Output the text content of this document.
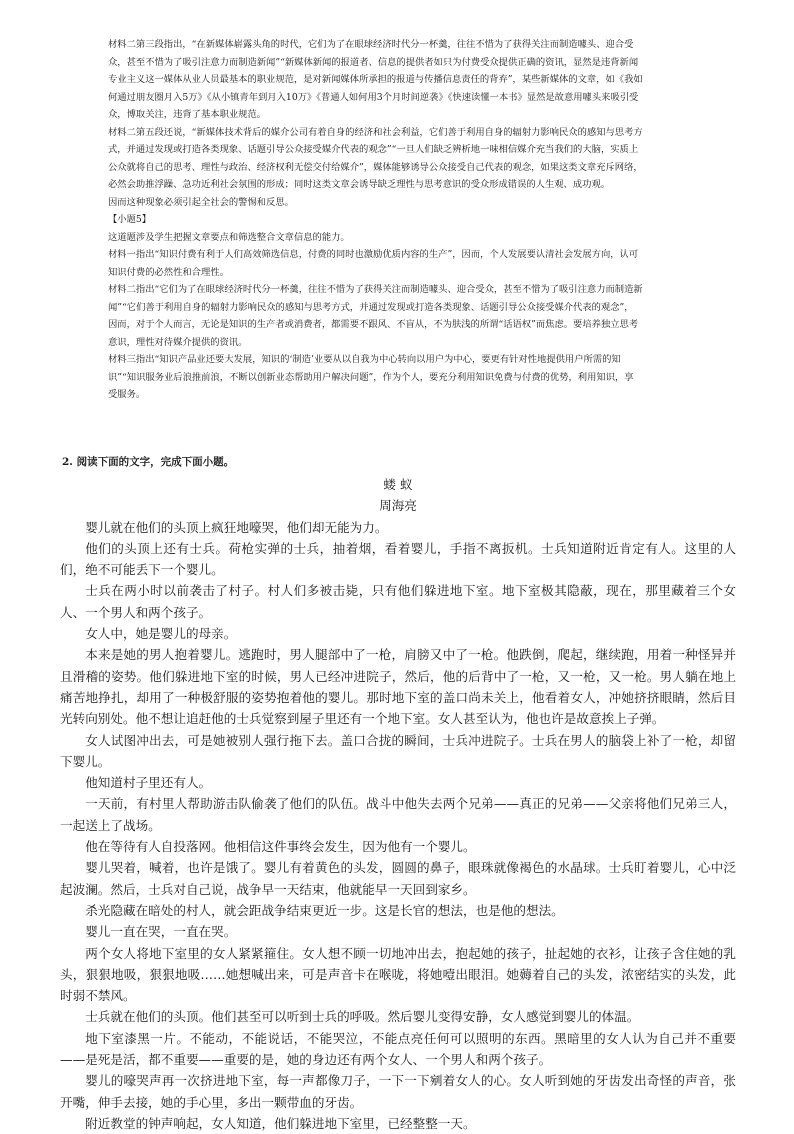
材料二第三段指出，“在新媒体崭露头角的时代，它们为了在眼球经济时代分一杯羹，往往不惜为了获得关注而制造噱头、迎合受

众，甚至不惜为了吸引注意力而制造新闻”“新媒体新闻的报道者、信息的提供者如只为付费受众提供正确的资讯，显然是违背新闻

专业主义这一媒体从业人员最基本的职业规范，是对新闻媒体所承担的报道与传播信息责任的背弃”，某些新媒体的文章，如《我如

何通过朋友圈月入5万》《从小镇青年到月入10万》《普通人如何用3个月时间逆袭》《快速读懂一本书》显然是故意用噱头来吸引受

众，博取关注，违背了基本职业规范。

材料二第五段还说，“新媒体技术背后的媒介公司有着自身的经济和社会利益，它们善于利用自身的辐射力影响民众的感知与思考方

式，并通过发现或打造各类现象、话题引导公众接受媒介代表的观念”“一旦人们缺乏辨析地一味相信媒介充当我们的大脑，实质上

公众就将自己的思考、理性与政治、经济权利无偿交付给媒介”，媒体能够诱导公众接受自己代表的观念，如果这类文章充斥网络，

必然会助推浮躁、急功近利社会氛围的形成；同时这类文章会诱导缺乏理性与思考意识的受众形成错误的人生观、成功观。

因而这种现象必须引起全社会的警惕和反思。

【小题5】

这道题涉及学生把握文章要点和筛选整合文章信息的能力。

材料一指出“知识付费有利于人们高效筛选信息，付费的同时也激励优质内容的生产”，因而，个人发展要认清社会发展方向，认可

知识付费的必然性和合理性。

材料二指出“它们为了在眼球经济时代分一杯羹，往往不惜为了获得关注而制造噱头、迎合受众，甚至不惜为了吸引注意力而制造新

闻”“它们善于利用自身的辐射力影响民众的感知与思考方式，并通过发现或打造各类现象、话题引导公众接受媒介代表的观念”，

因而，对于个人而言，无论是知识的生产者或消费者，都需要不跟风、不盲从，不为肤浅的所谓“话语权”而焦虑。要培养独立思考

意识，理性对待媒介提供的资讯。

材料三指出“知识产品业还要大发展，知识的‘制造’业要从以自我为中心转向以用户为中心，要更有针对性地提供用户所需的知

识”“知识服务业后浪推前浪，不断以创新业态帮助用户解决问题”，作为个人，要充分利用知识免费与付费的优势，利用知识，享

受服务。

2. 阅读下面的文字，完成下面小题。

蝼 蚁

周海亮

婴儿就在他们的头顶上疯狂地嚎哭，他们却无能为力。

他们的头顶上还有士兵。荷枪实弹的士兵，抽着烟，看着婴儿，手指不离扳机。士兵知道附近肯定有人。这里的人们，绝不可能丢下一个婴儿。

士兵在两小时以前袭击了村子。村人们多被击毙，只有他们躲进地下室。地下室极其隐蔽，现在，那里藏着三个女人、一个男人和两个孩子。

女人中，她是婴儿的母亲。

本来是她的男人抱着婴儿。逃跑时，男人腿部中了一枪，肩膀又中了一枪。他跌倒，爬起，继续跑，用着一种怪异并且滑稽的姿势。他们躲进地下室的时候，男人已经冲进院子，然后，他的后背中了一枪，又一枪，又一枪。男人躺在地上痛苦地挣扎，却用了一种极舒服的姿势抱着他的婴儿。那时地下室的盖口尚未关上，他看着女人，冲她挤挤眼睛，然后目光转向别处。他不想让追赶他的士兵觉察到屋子里还有一个地下室。女人甚至认为，他也许是故意挨上子弹。

女人试图冲出去，可是她被别人强行拖下去。盖口合拢的瞬间，士兵冲进院子。士兵在男人的脑袋上补了一枪，却留下婴儿。

他知道村子里还有人。

一天前，有村里人帮助游击队偷袭了他们的队伍。战斗中他失去两个兄弟——真正的兄弟——父亲将他们兄弟三人，一起送上了战场。

他在等待有人自投落网。他相信这件事终会发生，因为他有一个婴儿。

婴儿哭着，喊着，也许是饿了。婴儿有着黄色的头发，圆圆的鼻子，眼珠就像褐色的水晶球。士兵盯着婴儿，心中泛起波澜。然后，士兵对自己说，战争早一天结束，他就能早一天回到家乡。

杀光隐藏在暗处的村人，就会距战争结束更近一步。这是长官的想法，也是他的想法。

婴儿一直在哭，一直在哭。

两个女人将地下室里的女人紧紧箍住。女人想不顾一切地冲出去，抱起她的孩子，扯起她的衣衫，让孩子含住她的乳头，狠狠地吸，狠狠地吸……她想喊出来，可是声音卡在喉咙，将她噎出眼泪。她薅着自己的头发，浓密结实的头发，此时弱不禁风。

士兵就在他们的头顶。他们甚至可以听到士兵的呼吸。然后婴儿变得安静，女人感觉到婴儿的体温。

地下室漆黑一片。不能动，不能说话，不能哭泣，不能点亮任何可以照明的东西。黑暗里的女人认为自己并不重要——是死是活，都不重要——重要的是，她的身边还有两个女人、一个男人和两个孩子。

婴儿的嚎哭声再一次挤进地下室，每一声都像刀子，一下一下剜着女人的心。女人听到她的牙齿发出奇怪的声音，张开嘴，伸手去接，她的手心里，多出一颗带血的牙齿。

附近教堂的钟声响起，女人知道，他们躲进地下室里，已经整整一天。
